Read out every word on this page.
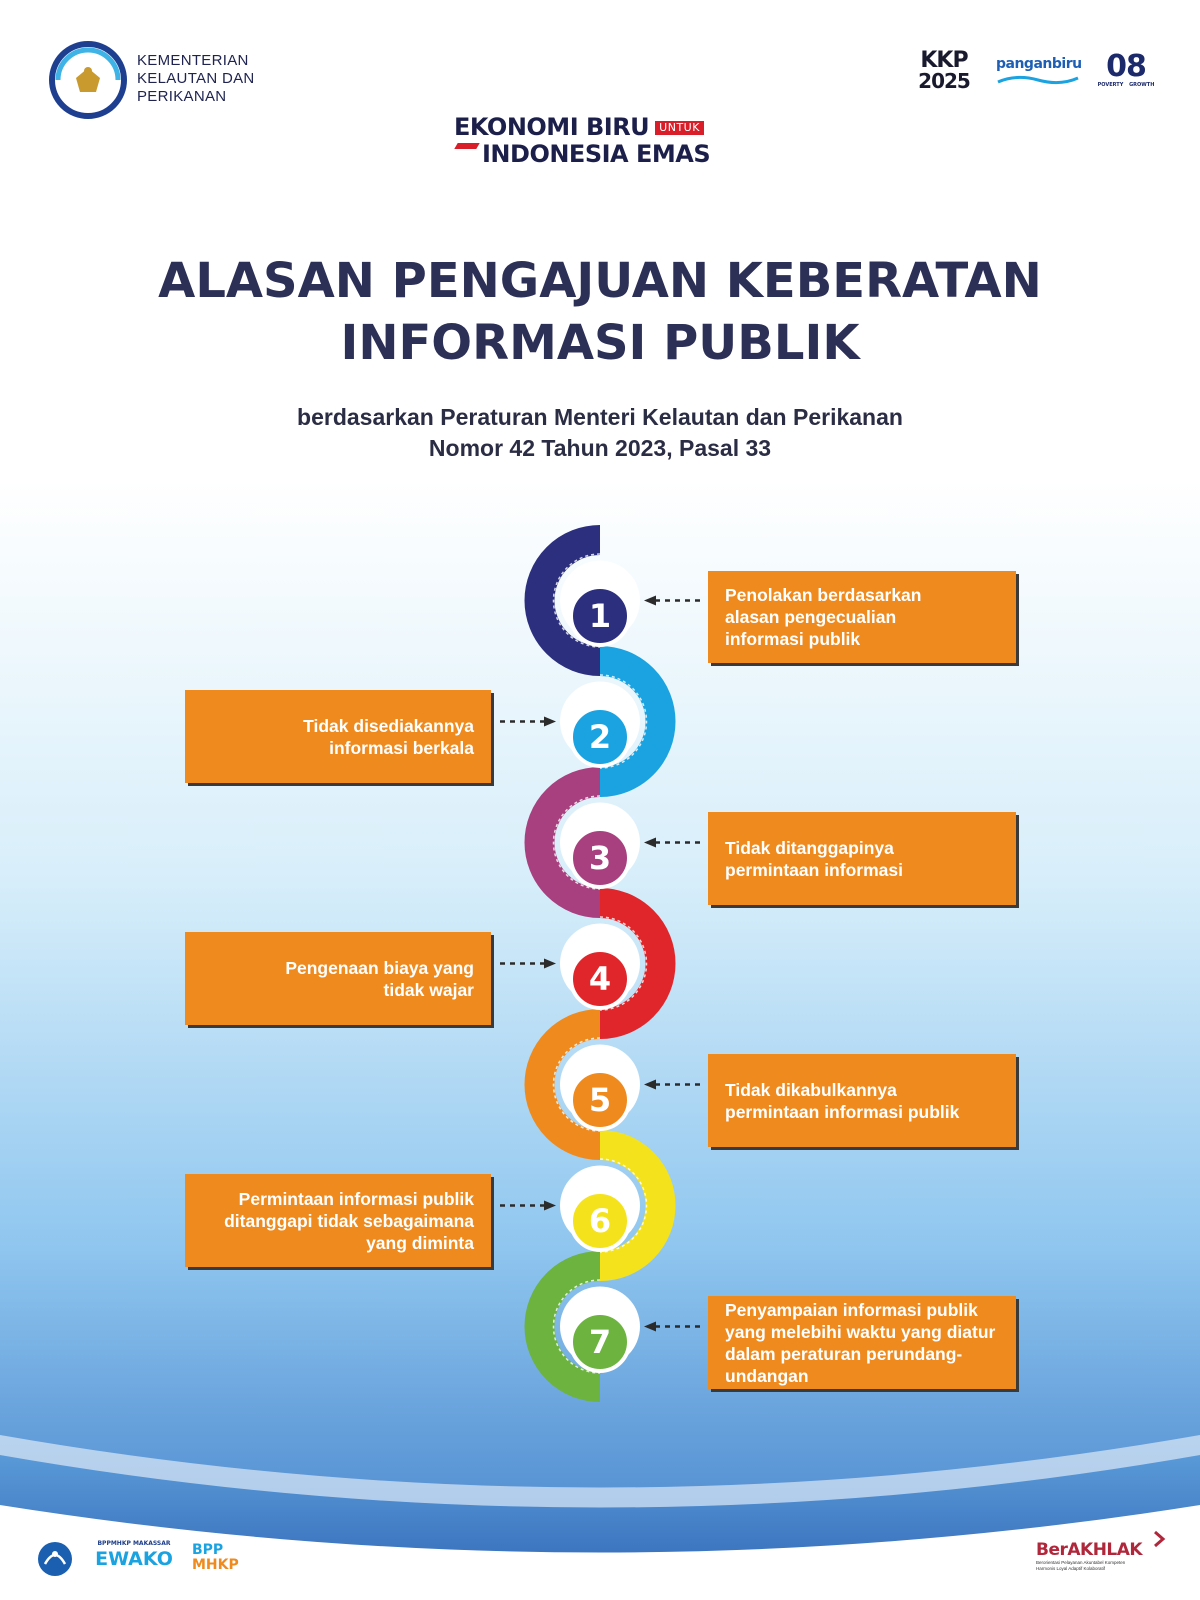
KEMENTERIAN
KELAUTAN DAN
PERIKANAN
EKONOMI BIRU UNTUK
INDONESIA EMAS
KKP
2025
panganbiru 08
POVERTY GROWTH
ALASAN PENGAJUAN KEBERATAN
INFORMASI PUBLIK
berdasarkan Peraturan Menteri Kelautan dan Perikanan
Nomor 42 Tahun 2023, Pasal 33
Penolakan berdasarkan
alasan pengecualian
informasi publik
Tidak disediakannya
informasi berkala
Tidak ditanggapinya
permintaan informasi
Pengenaan biaya yang
tidak wajar
Tidak dikabulkannya
permintaan informasi publik
Permintaan informasi publik
ditanggapi tidak sebagaimana
yang diminta
Penyampaian informasi publik
yang melebihi waktu yang diatur
dalam peraturan perundang-
undangan
1
2
3
4
5
6
7
BPPMHKP MAKASSAR
EWAKO BPP
MHKP
BerAKHLAK
Berorientasi Pelayanan Akuntabel Kompeten
Harmonis Loyal Adaptif Kolaboratif
